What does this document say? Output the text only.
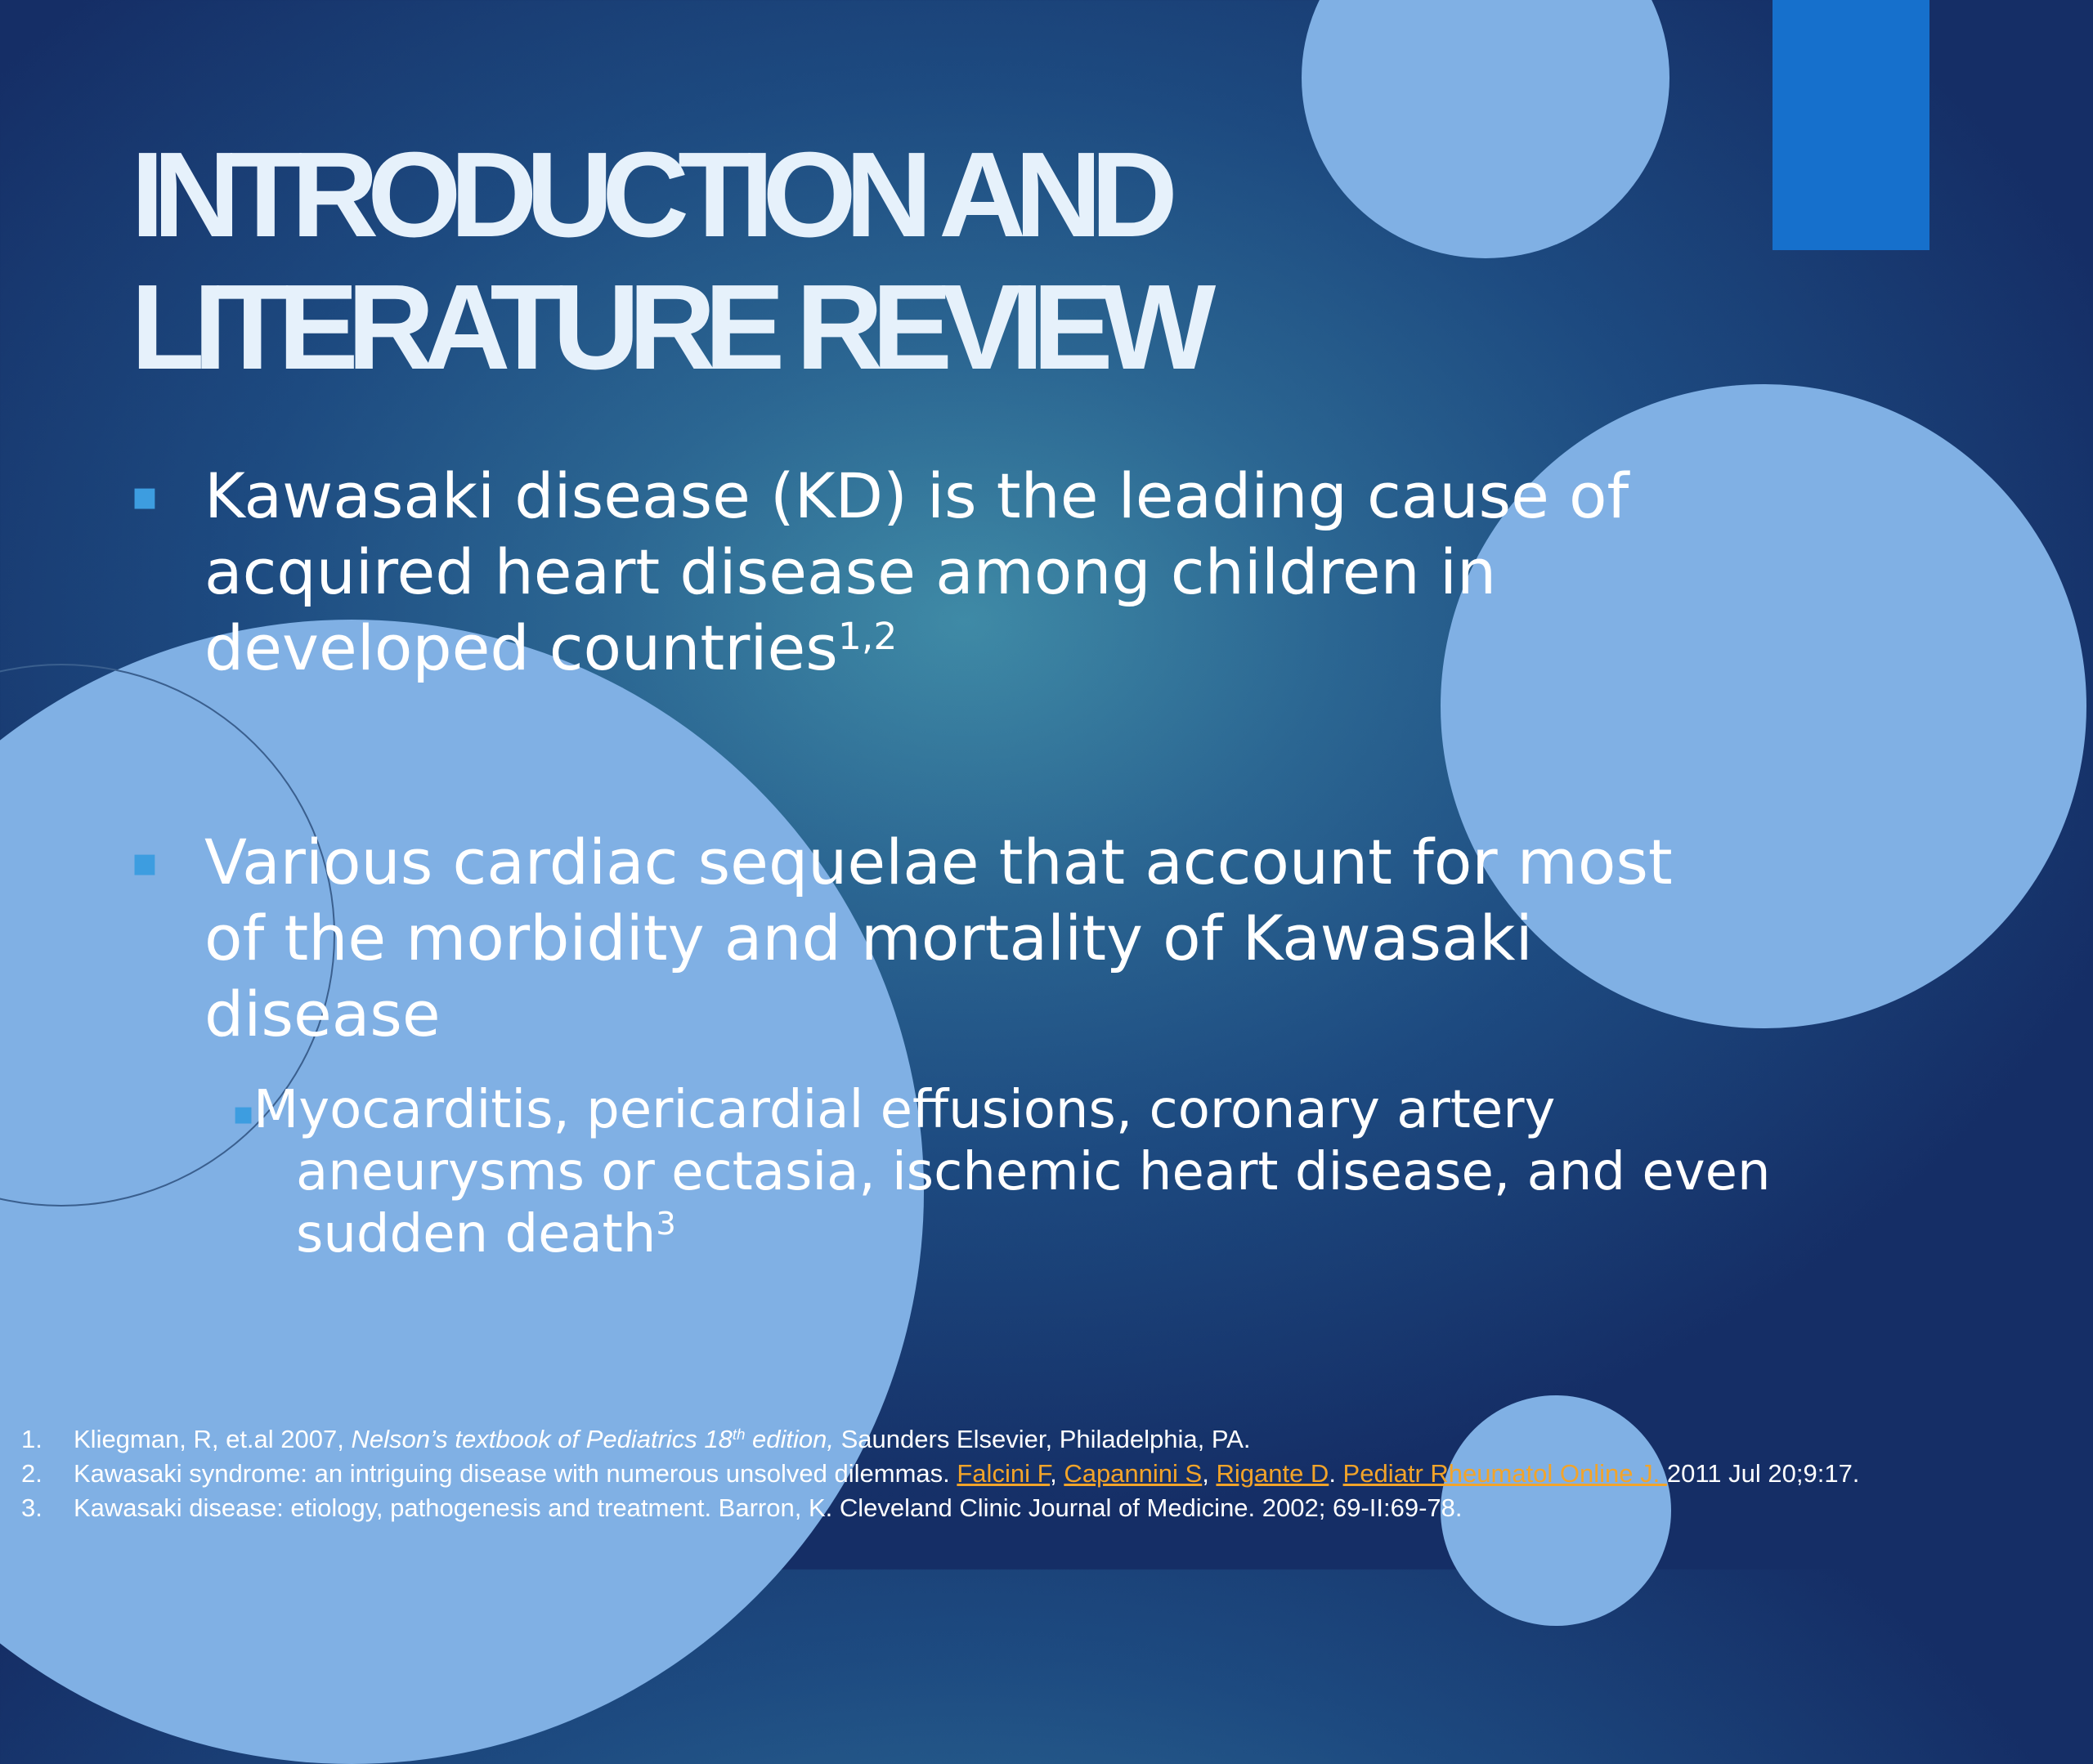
INTRODUCTION AND
LITERATURE REVIEW
▪ Kawasaki disease (KD) is the leading cause of
acquired heart disease among children in
developed countries$^{1,2}$
▪ Various cardiac sequelae that account for most
of the morbidity and mortality of Kawasaki
disease
▪
Myocarditis, pericardial effusions, coronary artery
aneurysms or ectasia, ischemic heart disease, and even
sudden death$^3$
1. Kliegman, R, et.al 2007, Nelson’s textbook of Pediatrics 18th edition, Saunders Elsevier, Philadelphia, PA.
2. Kawasaki syndrome: an intriguing disease with numerous unsolved dilemmas. Falcini F, Capannini S, Rigante D. Pediatr Rheumatol Online J. 2011 Jul 20;9:17.
3. Kawasaki disease: etiology, pathogenesis and treatment. Barron, K. Cleveland Clinic Journal of Medicine. 2002; 69-II:69-78.
